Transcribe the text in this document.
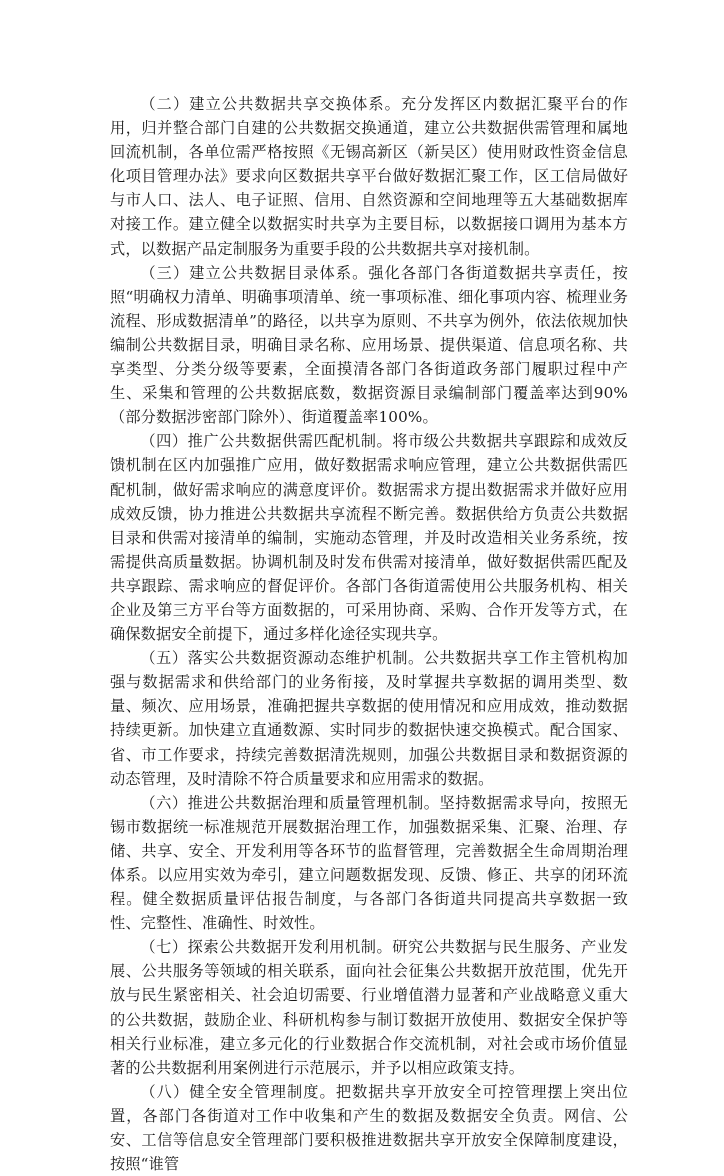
（二）建立公共数据共享交换体系。充分发挥区内数据汇聚平台的作用，归并整合部门自建的公共数据交换通道，建立公共数据供需管理和属地回流机制，各单位需严格按照《无锡高新区（新吴区）使用财政性资金信息化项目管理办法》要求向区数据共享平台做好数据汇聚工作，区工信局做好与市人口、法人、电子证照、信用、自然资源和空间地理等五大基础数据库对接工作。建立健全以数据实时共享为主要目标，以数据接口调用为基本方式，以数据产品定制服务为重要手段的公共数据共享对接机制。

（三）建立公共数据目录体系。强化各部门各街道数据共享责任，按照“明确权力清单、明确事项清单、统一事项标准、细化事项内容、梳理业务流程、形成数据清单”的路径，以共享为原则、不共享为例外，依法依规加快编制公共数据目录，明确目录名称、应用场景、提供渠道、信息项名称、共享类型、分类分级等要素，全面摸清各部门各街道政务部门履职过程中产生、采集和管理的公共数据底数，数据资源目录编制部门覆盖率达到90%（部分数据涉密部门除外）、街道覆盖率100%。

（四）推广公共数据供需匹配机制。将市级公共数据共享跟踪和成效反馈机制在区内加强推广应用，做好数据需求响应管理，建立公共数据供需匹配机制，做好需求响应的满意度评价。数据需求方提出数据需求并做好应用成效反馈，协力推进公共数据共享流程不断完善。数据供给方负责公共数据目录和供需对接清单的编制，实施动态管理，并及时改造相关业务系统，按需提供高质量数据。协调机制及时发布供需对接清单，做好数据供需匹配及共享跟踪、需求响应的督促评价。各部门各街道需使用公共服务机构、相关企业及第三方平台等方面数据的，可采用协商、采购、合作开发等方式，在确保数据安全前提下，通过多样化途径实现共享。

（五）落实公共数据资源动态维护机制。公共数据共享工作主管机构加强与数据需求和供给部门的业务衔接，及时掌握共享数据的调用类型、数量、频次、应用场景，准确把握共享数据的使用情况和应用成效，推动数据持续更新。加快建立直通数源、实时同步的数据快速交换模式。配合国家、省、市工作要求，持续完善数据清洗规则，加强公共数据目录和数据资源的动态管理，及时清除不符合质量要求和应用需求的数据。

（六）推进公共数据治理和质量管理机制。坚持数据需求导向，按照无锡市数据统一标准规范开展数据治理工作，加强数据采集、汇聚、治理、存储、共享、安全、开发利用等各环节的监督管理，完善数据全生命周期治理体系。以应用实效为牵引，建立问题数据发现、反馈、修正、共享的闭环流程。健全数据质量评估报告制度，与各部门各街道共同提高共享数据一致性、完整性、准确性、时效性。

（七）探索公共数据开发利用机制。研究公共数据与民生服务、产业发展、公共服务等领域的相关联系，面向社会征集公共数据开放范围，优先开放与民生紧密相关、社会迫切需要、行业增值潜力显著和产业战略意义重大的公共数据，鼓励企业、科研机构参与制订数据开放使用、数据安全保护等相关行业标准，建立多元化的行业数据合作交流机制，对社会或市场价值显著的公共数据利用案例进行示范展示，并予以相应政策支持。

（八）健全安全管理制度。把数据共享开放安全可控管理摆上突出位置，各部门各街道对工作中收集和产生的数据及数据安全负责。网信、公安、工信等信息安全管理部门要积极推进数据共享开放安全保障制度建设，按照“谁管
